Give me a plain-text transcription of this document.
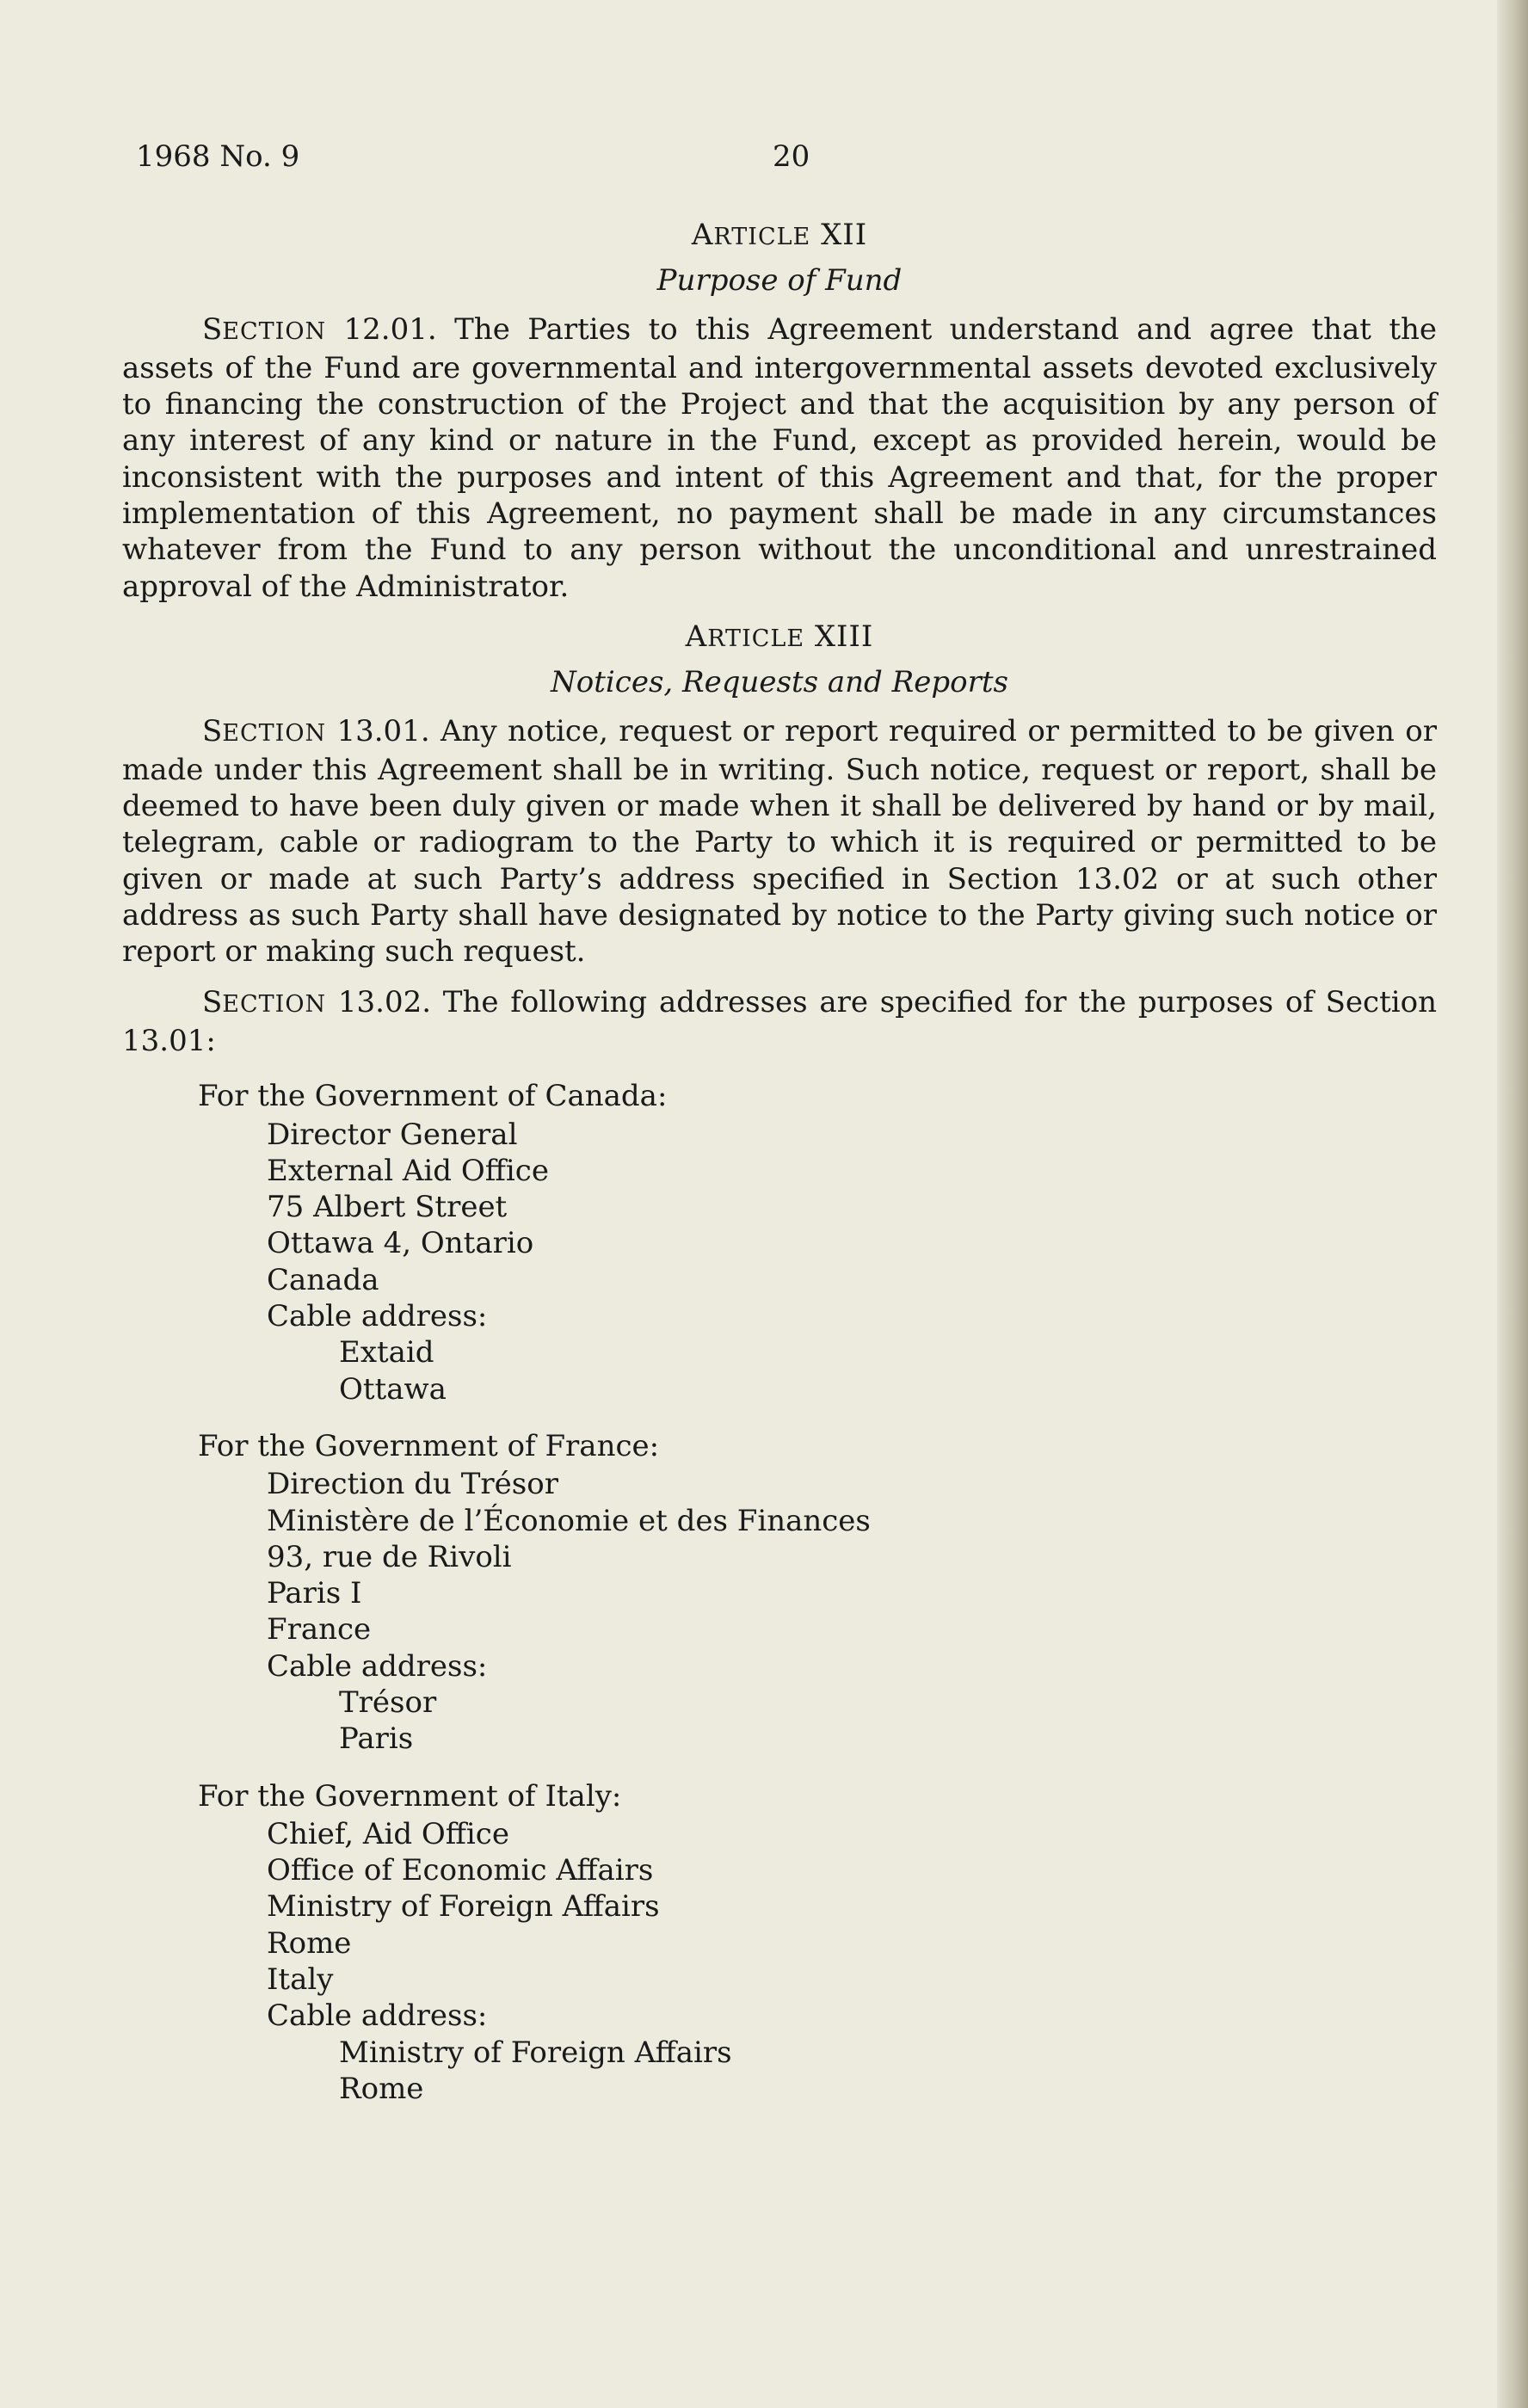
1968 No. 9	20
ARTICLE XII
Purpose of Fund

SECTION 12.01. The Parties to this Agreement understand and agree that the assets of the Fund are governmental and intergovernmental assets devoted exclusively to financing the construction of the Project and that the acquisition by any person of any interest of any kind or nature in the Fund, except as provided herein, would be inconsistent with the purposes and intent of this Agreement and that, for the proper implementation of this Agreement, no payment shall be made in any circumstances whatever from the Fund to any person without the unconditional and unrestrained approval of the Administrator.

ARTICLE XIII
Notices, Requests and Reports

SECTION 13.01. Any notice, request or report required or permitted to be given or made under this Agreement shall be in writing. Such notice, request or report, shall be deemed to have been duly given or made when it shall be delivered by hand or by mail, telegram, cable or radiogram to the Party to which it is required or permitted to be given or made at such Party’s address specified in Section 13.02 or at such other address as such Party shall have designated by notice to the Party giving such notice or report or making such request.

SECTION 13.02. The following addresses are specified for the purposes of Section 13.01:

For the Government of Canada:
Director General
External Aid Office
75 Albert Street
Ottawa 4, Ontario
Canada
Cable address:
Extaid
Ottawa
For the Government of France:
Direction du Trésor
Ministère de l’Économie et des Finances
93, rue de Rivoli
Paris I
France
Cable address:
Trésor
Paris
For the Government of Italy:
Chief, Aid Office
Office of Economic Affairs
Ministry of Foreign Affairs
Rome
Italy
Cable address:
Ministry of Foreign Affairs
Rome
